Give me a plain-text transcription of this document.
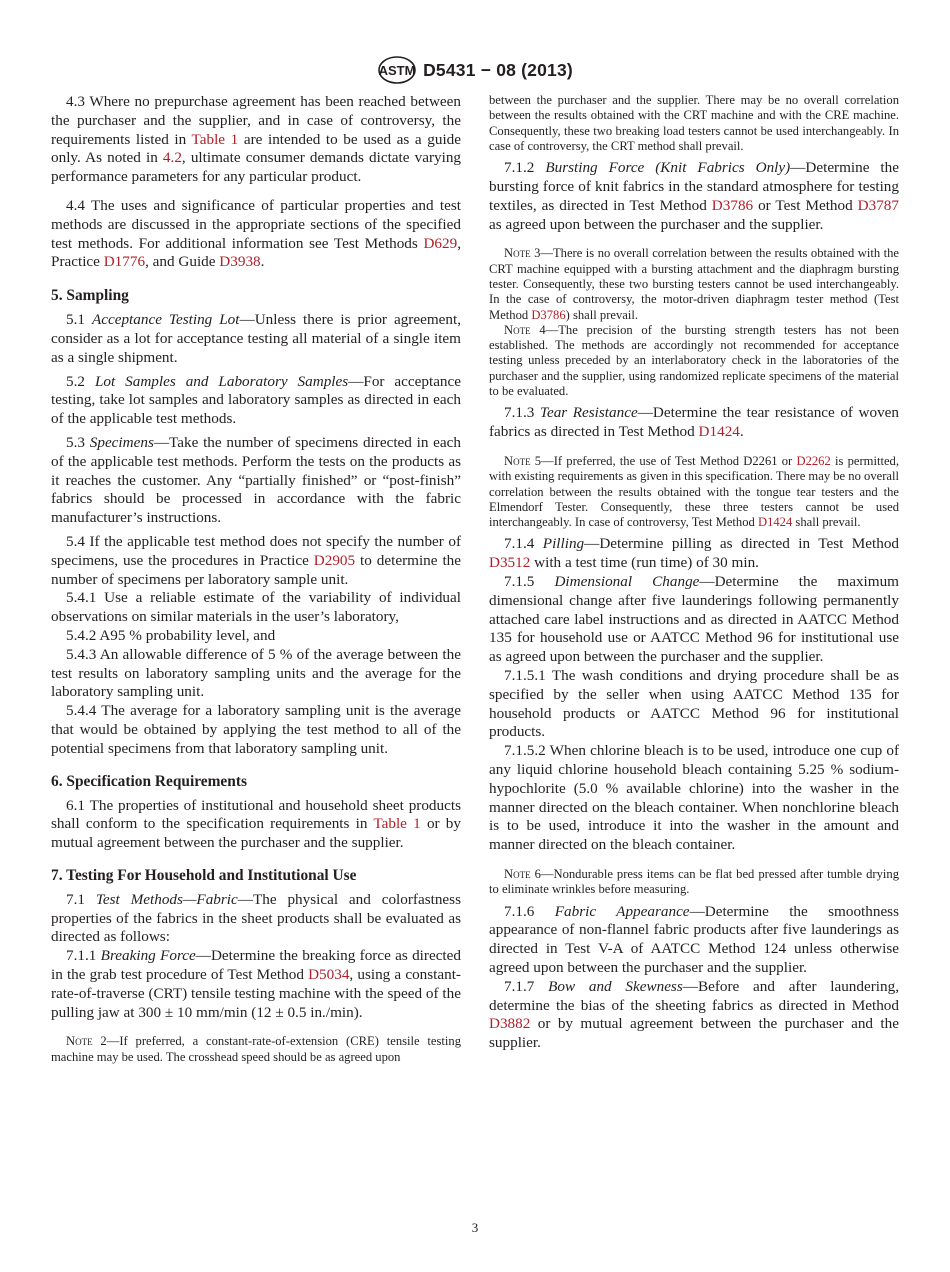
ASTM D5431 − 08 (2013)

4.3 Where no prepurchase agreement has been reached between the purchaser and the supplier, and in case of controversy, the requirements listed in Table 1 are intended to be used as a guide only. As noted in 4.2, ultimate consumer demands dictate varying performance parameters for any particular product.

4.4 The uses and significance of particular properties and test methods are discussed in the appropriate sections of the specified test methods. For additional information see Test Methods D629, Practice D1776, and Guide D3938.

5. Sampling

5.1 Acceptance Testing Lot—Unless there is prior agreement, consider as a lot for acceptance testing all material of a single item as a single shipment.

5.2 Lot Samples and Laboratory Samples—For acceptance testing, take lot samples and laboratory samples as directed in each of the applicable test methods.

5.3 Specimens—Take the number of specimens directed in each of the applicable test methods. Perform the tests on the products as it reaches the customer. Any “partially finished” or “post-finish” fabrics should be processed in accordance with the fabric manufacturer’s instructions.

5.4 If the applicable test method does not specify the number of specimens, use the procedures in Practice D2905 to determine the number of specimens per laboratory sample unit.

5.4.1 Use a reliable estimate of the variability of individual observations on similar materials in the user’s laboratory,

5.4.2 A95 % probability level, and

5.4.3 An allowable difference of 5 % of the average between the test results on laboratory sampling units and the average for the laboratory sampling unit.

5.4.4 The average for a laboratory sampling unit is the average that would be obtained by applying the test method to all of the potential specimens from that laboratory sampling unit.

6. Specification Requirements

6.1 The properties of institutional and household sheet products shall conform to the specification requirements in Table 1 or by mutual agreement between the purchaser and the supplier.

7. Testing For Household and Institutional Use

7.1 Test Methods—Fabric—The physical and colorfastness properties of the fabrics in the sheet products shall be evaluated as directed as follows:

7.1.1 Breaking Force—Determine the breaking force as directed in the grab test procedure of Test Method D5034, using a constant-rate-of-traverse (CRT) tensile testing machine with the speed of the pulling jaw at 300 ± 10 mm/min (12 ± 0.5 in./min).

Note 2—If preferred, a constant-rate-of-extension (CRE) tensile testing machine may be used. The crosshead speed should be as agreed upon

between the purchaser and the supplier. There may be no overall correlation between the results obtained with the CRT machine and with the CRE machine. Consequently, these two breaking load testers cannot be used interchangeably. In case of controversy, the CRT method shall prevail.

7.1.2 Bursting Force (Knit Fabrics Only)—Determine the bursting force of knit fabrics in the standard atmosphere for testing textiles, as directed in Test Method D3786 or Test Method D3787 as agreed upon between the purchaser and the supplier.

Note 3—There is no overall correlation between the results obtained with the CRT machine equipped with a bursting attachment and the diaphragm bursting tester. Consequently, these two bursting testers cannot be used interchangeably. In the case of controversy, the motor-driven diaphragm tester method (Test Method D3786) shall prevail.

Note 4—The precision of the bursting strength testers has not been established. The methods are accordingly not recommended for acceptance testing unless preceded by an interlaboratory check in the laboratories of the purchaser and the supplier, using randomized replicate specimens of the material to be evaluated.

7.1.3 Tear Resistance—Determine the tear resistance of woven fabrics as directed in Test Method D1424.

Note 5—If preferred, the use of Test Method D2261 or D2262 is permitted, with existing requirements as given in this specification. There may be no overall correlation between the results obtained with the tongue tear testers and the Elmendorf Tester. Consequently, these three testers cannot be used interchangeably. In case of controversy, Test Method D1424 shall prevail.

7.1.4 Pilling—Determine pilling as directed in Test Method D3512 with a test time (run time) of 30 min.

7.1.5 Dimensional Change—Determine the maximum dimensional change after five launderings following permanently attached care label instructions and as directed in AATCC Method 135 for household use or AATCC Method 96 for institutional use as agreed upon between the purchaser and the supplier.

7.1.5.1 The wash conditions and drying procedure shall be as specified by the seller when using AATCC Method 135 for household products or AATCC Method 96 for institutional products.

7.1.5.2 When chlorine bleach is to be used, introduce one cup of any liquid chlorine household bleach containing 5.25 % sodium-hypochlorite (5.0 % available chlorine) into the washer in the manner directed on the bleach container. When nonchlorine bleach is to be used, introduce it into the washer in the amount and manner directed on the bleach container.

Note 6—Nondurable press items can be flat bed pressed after tumble drying to eliminate wrinkles before measuring.

7.1.6 Fabric Appearance—Determine the smoothness appearance of non-flannel fabric products after five launderings as directed in Test V-A of AATCC Method 124 unless otherwise agreed upon between the purchaser and the supplier.

7.1.7 Bow and Skewness—Before and after laundering, determine the bias of the sheeting fabrics as directed in Method D3882 or by mutual agreement between the purchaser and the supplier.

3
